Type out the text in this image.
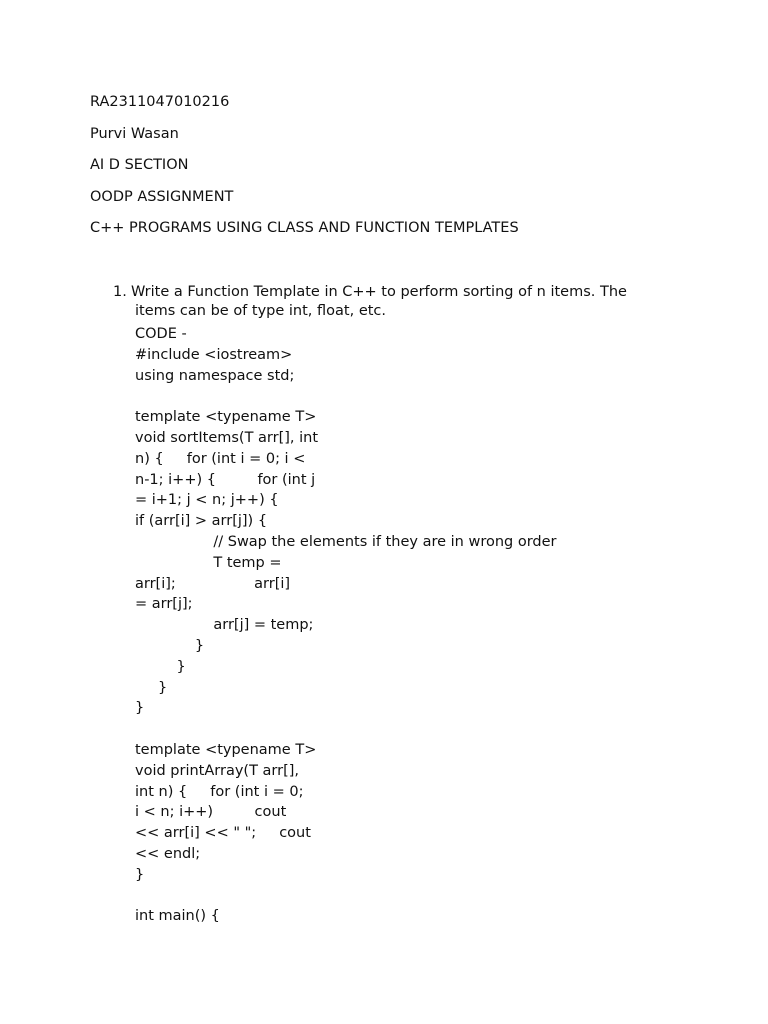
RA2311047010216
Purvi Wasan
AI D SECTION
OODP ASSIGNMENT
C++ PROGRAMS USING CLASS AND FUNCTION TEMPLATES
1. Write a Function Template in C++ to perform sorting of n items. The
items can be of type int, float, etc.
CODE -
#include <iostream>
using namespace std;
template <typename T>
void sortItems(T arr[], int
n) {     for (int i = 0; i <
n-1; i++) {         for (int j
= i+1; j < n; j++) {
if (arr[i] > arr[j]) {
// Swap the elements if they are in wrong order
T temp =
arr[i];                 arr[i]
= arr[j];
arr[j] = temp;
}
}
}
}
template <typename T>
void printArray(T arr[],
int n) {     for (int i = 0;
i < n; i++)         cout
<< arr[i] << " ";     cout
<< endl;
}
int main() {
